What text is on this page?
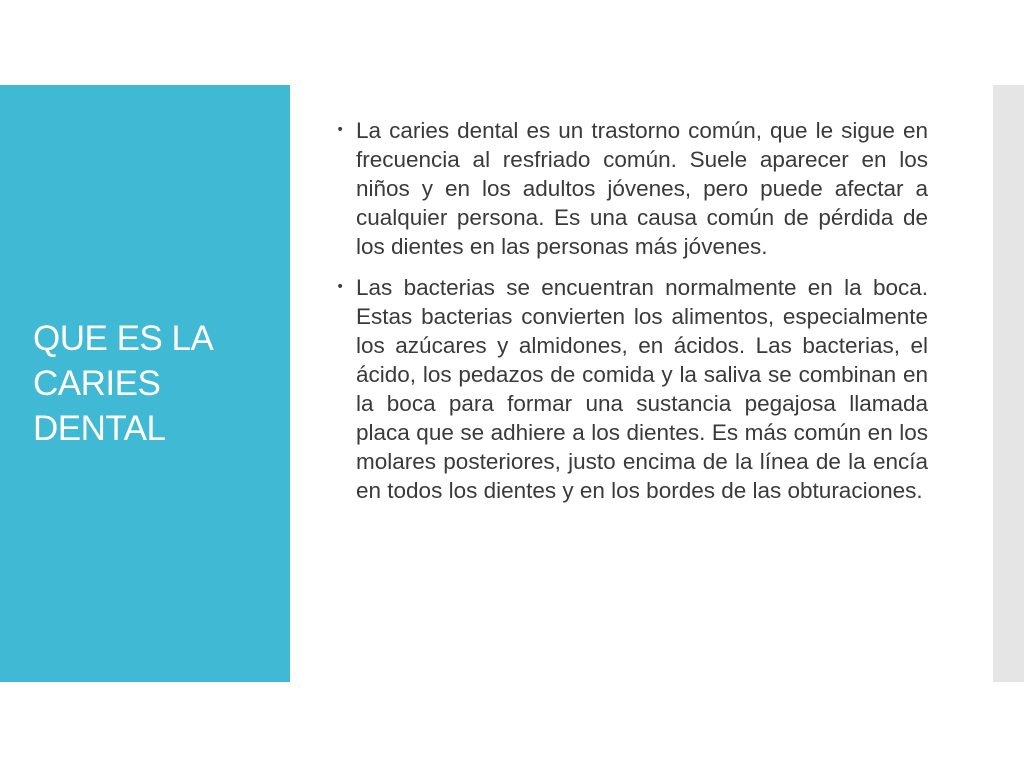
QUE ES LA
CARIES
DENTAL
• La caries dental es un trastorno común, que le sigue en frecuencia al resfriado común. Suele aparecer en los niños y en los adultos jóvenes, pero puede afectar a cualquier persona. Es una causa común de pérdida de los dientes en las personas más jóvenes.
• Las bacterias se encuentran normalmente en la boca. Estas bacterias convierten los alimentos, especialmente los azúcares y almidones, en ácidos. Las bacterias, el ácido, los pedazos de comida y la saliva se combinan en la boca para formar una sustancia pegajosa llamada placa que se adhiere a los dientes. Es más común en los molares posteriores, justo encima de la línea de la encía en todos los dientes y en los bordes de las obturaciones.
